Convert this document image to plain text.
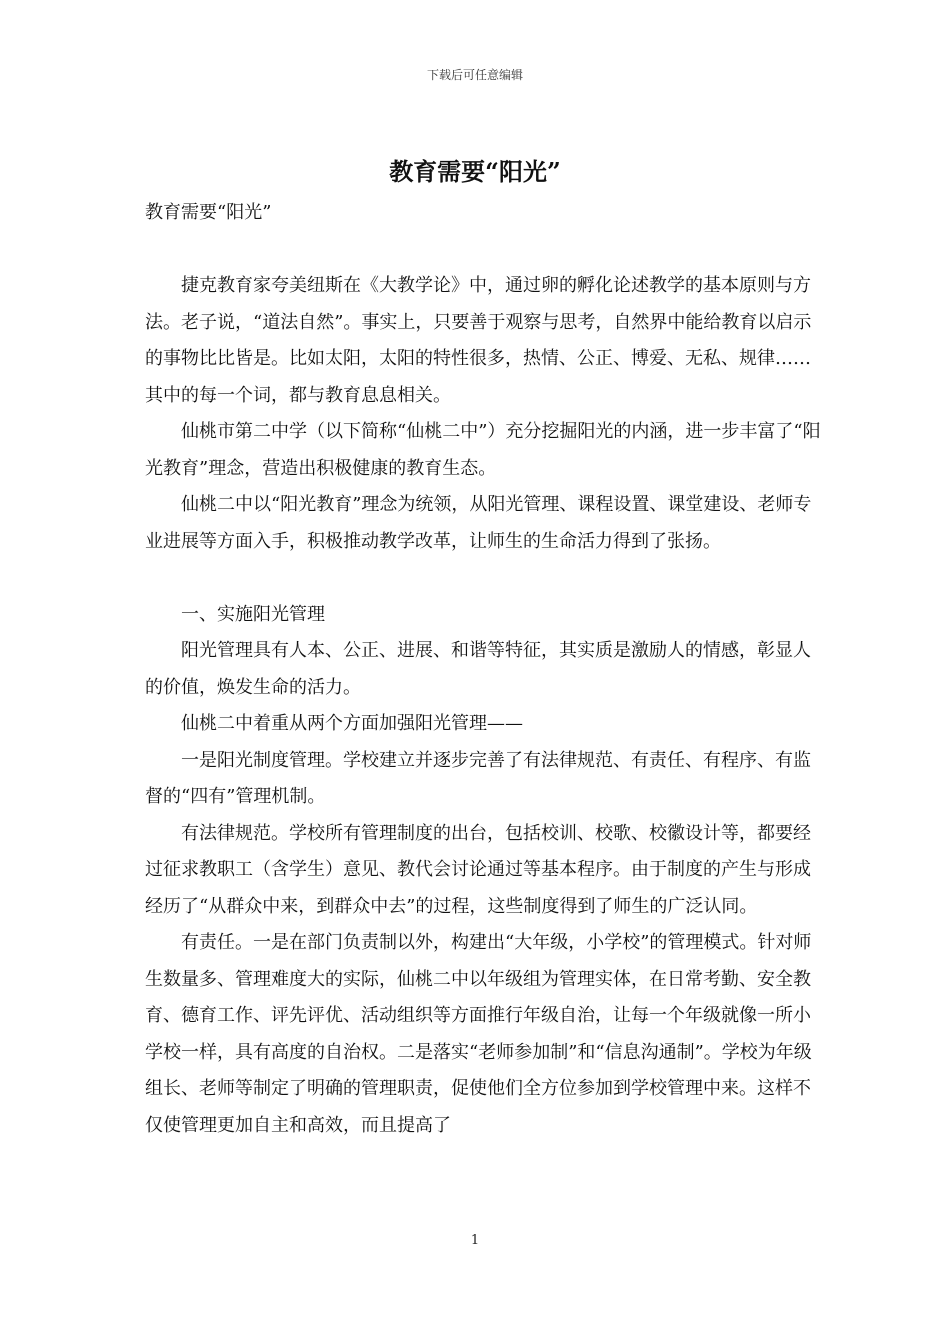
下载后可任意编辑
教育需要“阳光”

教育需要“阳光”

捷克教育家夸美纽斯在《大教学论》中，通过卵的孵化论述教学的基本原则与方法。老子说，“道法自然”。事实上，只要善于观察与思考，自然界中能给教育以启示的事物比比皆是。比如太阳，太阳的特性很多，热情、公正、博爱、无私、规律……其中的每一个词，都与教育息息相关。

仙桃市第二中学（以下简称“仙桃二中”）充分挖掘阳光的内涵，进一步丰富了“阳光教育”理念，营造出积极健康的教育生态。

仙桃二中以“阳光教育”理念为统领，从阳光管理、课程设置、课堂建设、老师专业进展等方面入手，积极推动教学改革，让师生的生命活力得到了张扬。

一、实施阳光管理

阳光管理具有人本、公正、进展、和谐等特征，其实质是激励人的情感，彰显人的价值，焕发生命的活力。

仙桃二中着重从两个方面加强阳光管理——

一是阳光制度管理。学校建立并逐步完善了有法律规范、有责任、有程序、有监督的“四有”管理机制。

有法律规范。学校所有管理制度的出台，包括校训、校歌、校徽设计等，都要经过征求教职工（含学生）意见、教代会讨论通过等基本程序。由于制度的产生与形成经历了“从群众中来，到群众中去”的过程，这些制度得到了师生的广泛认同。

有责任。一是在部门负责制以外，构建出“大年级，小学校”的管理模式。针对师生数量多、管理难度大的实际，仙桃二中以年级组为管理实体，在日常考勤、安全教育、德育工作、评先评优、活动组织等方面推行年级自治，让每一个年级就像一所小学校一样，具有高度的自治权。二是落实“老师参加制”和“信息沟通制”。学校为年级组长、老师等制定了明确的管理职责，促使他们全方位参加到学校管理中来。这样不仅使管理更加自主和高效，而且提高了

1
